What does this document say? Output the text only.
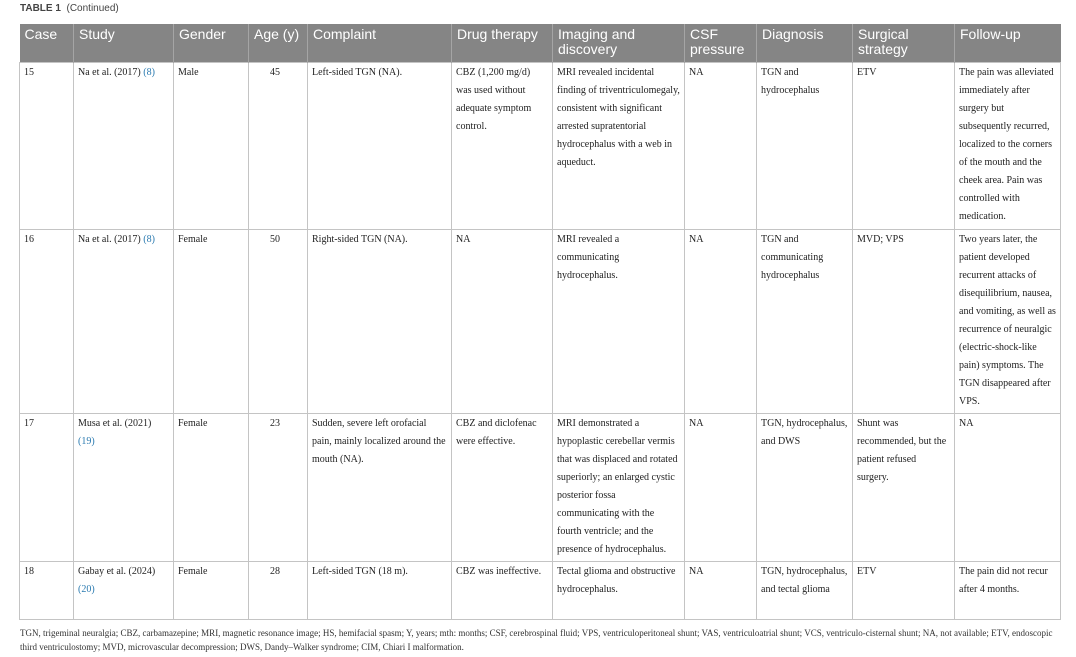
TABLE 1 (Continued)
Case	Study	Gender	Age (y)	Complaint	Drug therapy	Imaging and discovery	CSF pressure	Diagnosis	Surgical strategy	Follow-up
15	Na et al. (2017) (8)	Male	45	Left-sided TGN (NA).	CBZ (1,200 mg/d) was used without adequate symptom control.	MRI revealed incidental finding of triventriculomegaly, consistent with significant arrested supratentorial hydrocephalus with a web in aqueduct.	NA	TGN and hydrocephalus	ETV	The pain was alleviated immediately after surgery but subsequently recurred, localized to the corners of the mouth and the cheek area. Pain was controlled with medication.
16	Na et al. (2017) (8)	Female	50	Right-sided TGN (NA).	NA	MRI revealed a communicating hydrocephalus.	NA	TGN and communicating hydrocephalus	MVD; VPS	Two years later, the patient developed recurrent attacks of disequilibrium, nausea, and vomiting, as well as recurrence of neuralgic (electric-shock-like pain) symptoms. The TGN disappeared after VPS.
17	Musa et al. (2021) (19)	Female	23	Sudden, severe left orofacial pain, mainly localized around the mouth (NA).	CBZ and diclofenac were effective.	MRI demonstrated a hypoplastic cerebellar vermis that was displaced and rotated superiorly; an enlarged cystic posterior fossa communicating with the fourth ventricle; and the presence of hydrocephalus.	NA	TGN, hydrocephalus, and DWS	Shunt was recommended, but the patient refused surgery.	NA
18	Gabay et al. (2024) (20)	Female	28	Left-sided TGN (18 m).	CBZ was ineffective.	Tectal glioma and obstructive hydrocephalus.	NA	TGN, hydrocephalus, and tectal glioma	ETV	The pain did not recur after 4 months.
TGN, trigeminal neuralgia; CBZ, carbamazepine; MRI, magnetic resonance image; HS, hemifacial spasm; Y, years; mth: months; CSF, cerebrospinal fluid; VPS, ventriculoperitoneal shunt; VAS, ventriculoatrial shunt; VCS, ventriculo-cisternal shunt; NA, not available; ETV, endoscopic third ventriculostomy; MVD, microvascular decompression; DWS, Dandy–Walker syndrome; CIM, Chiari I malformation.
